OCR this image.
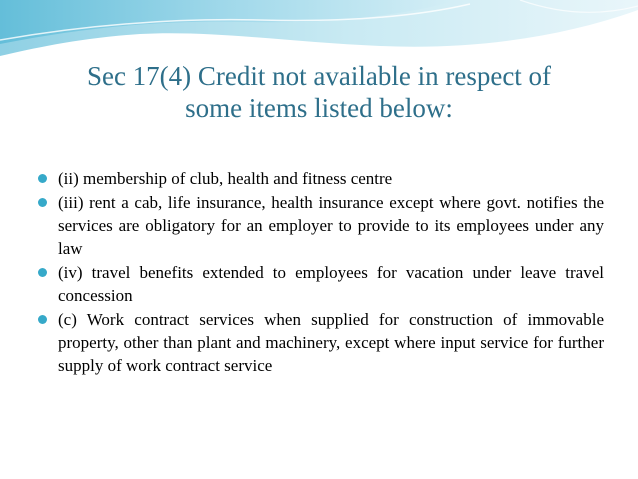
Sec 17(4) Credit not available in respect of
some items listed below:
(ii) membership of club, health and fitness centre
(iii) rent a cab, life insurance, health insurance except where govt. notifies the services are obligatory for an employer to provide to its employees under any law
(iv) travel benefits extended to employees for vacation under leave travel concession
(c) Work contract services when supplied for construction of immovable property, other than plant and machinery, except where input service for further supply of work contract service
